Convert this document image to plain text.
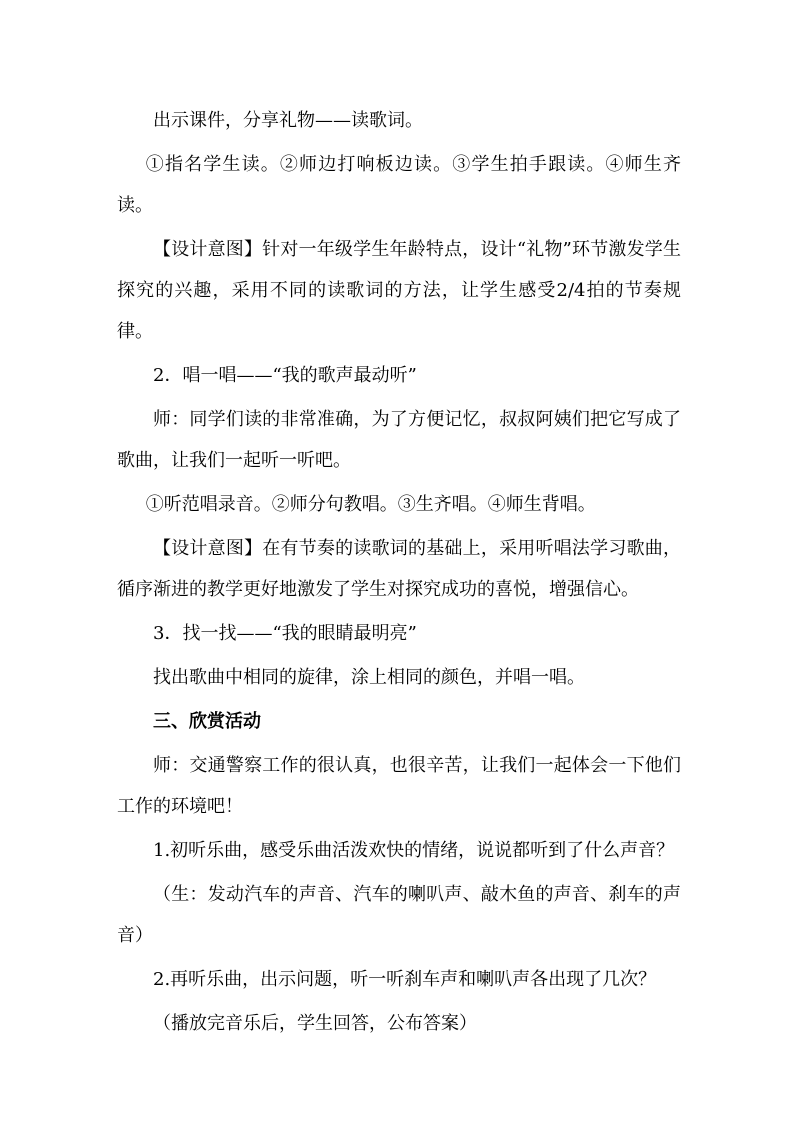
出示课件，分享礼物——读歌词。

①指名学生读。②师边打响板边读。③学生拍手跟读。④师生齐读。

【设计意图】针对一年级学生年龄特点，设计“礼物”环节激发学生探究的兴趣，采用不同的读歌词的方法，让学生感受2/4拍的节奏规律。

2．唱一唱——“我的歌声最动听”

师：同学们读的非常准确，为了方便记忆，叔叔阿姨们把它写成了歌曲，让我们一起听一听吧。

①听范唱录音。②师分句教唱。③生齐唱。④师生背唱。

【设计意图】在有节奏的读歌词的基础上，采用听唱法学习歌曲，循序渐进的教学更好地激发了学生对探究成功的喜悦，增强信心。

3．找一找——“我的眼睛最明亮”

找出歌曲中相同的旋律，涂上相同的颜色，并唱一唱。

三、欣赏活动

师：交通警察工作的很认真，也很辛苦，让我们一起体会一下他们工作的环境吧！

1.初听乐曲，感受乐曲活泼欢快的情绪，说说都听到了什么声音？

（生：发动汽车的声音、汽车的喇叭声、敲木鱼的声音、刹车的声音）

2.再听乐曲，出示问题，听一听刹车声和喇叭声各出现了几次？

（播放完音乐后，学生回答，公布答案）
